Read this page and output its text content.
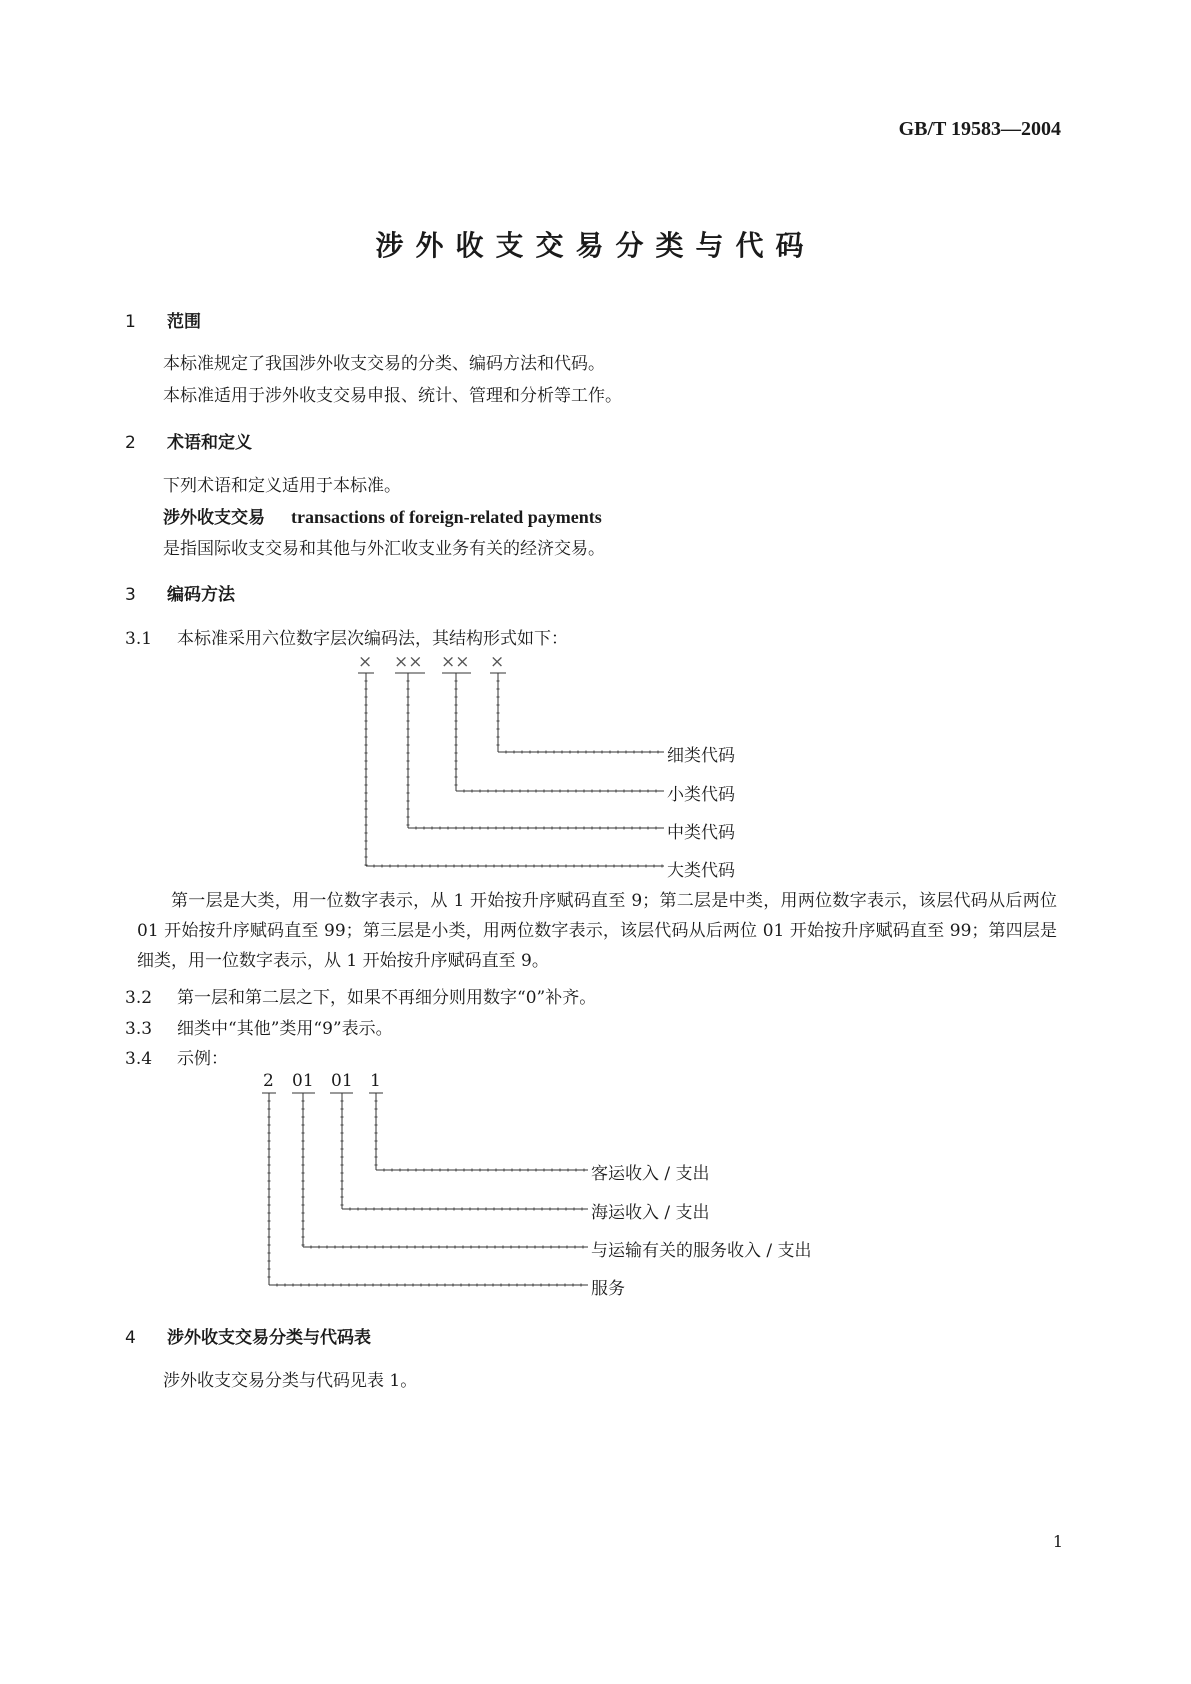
GB/T 19583—2004
涉外收支交易分类与代码
1 范围
本标准规定了我国涉外收支交易的分类、编码方法和代码。
本标准适用于涉外收支交易申报、统计、管理和分析等工作。
2 术语和定义
下列术语和定义适用于本标准。
涉外收支交易 transactions of foreign-related payments
是指国际收支交易和其他与外汇收支业务有关的经济交易。
3 编码方法
3.1 本标准采用六位数字层次编码法，其结构形式如下：
× ×× ×× ×
细类代码
小类代码
中类代码
大类代码
第一层是大类，用一位数字表示，从 1 开始按升序赋码直至 9；第二层是中类，用两位数字表示，该层代码从后两位 01 开始按升序赋码直至 99；第三层是小类，用两位数字表示，该层代码从后两位 01 开始按升序赋码直至 99；第四层是细类，用一位数字表示，从 1 开始按升序赋码直至 9。
3.2 第一层和第二层之下，如果不再细分则用数字“0”补齐。
3.3 细类中“其他”类用“9”表示。
3.4 示例：
2 01 01 1
客运收入 / 支出
海运收入 / 支出
与运输有关的服务收入 / 支出
服务
4 涉外收支交易分类与代码表
涉外收支交易分类与代码见表 1。
1
